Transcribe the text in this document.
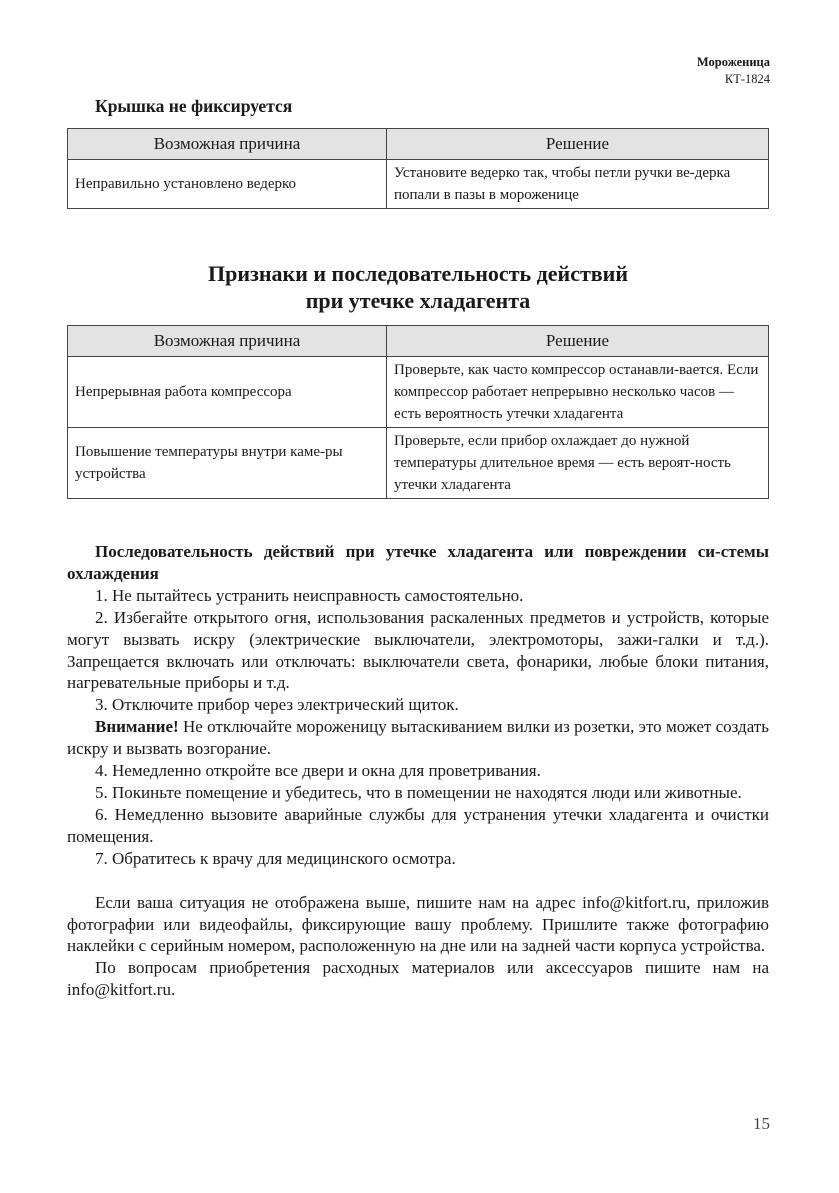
Мороженица
КТ-1824
Крышка не фиксируется
Возможная причина	Решение
Неправильно установлено ведерко	Установите ведерко так, чтобы петли ручки ве-дерка попали в пазы в мороженице
Признаки и последовательность действий
при утечке хладагента
Возможная причина	Решение
Непрерывная работа компрессора	Проверьте, как часто компрессор останавли-вается. Если компрессор работает непрерывно несколько часов — есть вероятность утечки хладагента
Повышение температуры внутри каме-ры устройства	Проверьте, если прибор охлаждает до нужной температуры длительное время — есть вероят-ность утечки хладагента

Последовательность действий при утечке хладагента или повреждении си-стемы охлаждения

1. Не пытайтесь устранить неисправность самостоятельно.

2. Избегайте открытого огня, использования раскаленных предметов и устройств, которые могут вызвать искру (электрические выключатели, электромоторы, зажи-галки и т.д.). Запрещается включать или отключать: выключатели света, фонарики, любые блоки питания, нагревательные приборы и т.д.

3. Отключите прибор через электрический щиток.

Внимание! Не отключайте мороженицу вытаскиванием вилки из розетки, это может создать искру и вызвать возгорание.

4. Немедленно откройте все двери и окна для проветривания.

5. Покиньте помещение и убедитесь, что в помещении не находятся люди или животные.

6. Немедленно вызовите аварийные службы для устранения утечки хладагента и очистки помещения.

7. Обратитесь к врачу для медицинского осмотра.

Если ваша ситуация не отображена выше, пишите нам на адрес info@kitfort.ru, приложив фотографии или видеофайлы, фиксирующие вашу проблему. Пришлите также фотографию наклейки с серийным номером, расположенную на дне или на задней части корпуса устройства.

По вопросам приобретения расходных материалов или аксессуаров пишите нам на info@kitfort.ru.

15
